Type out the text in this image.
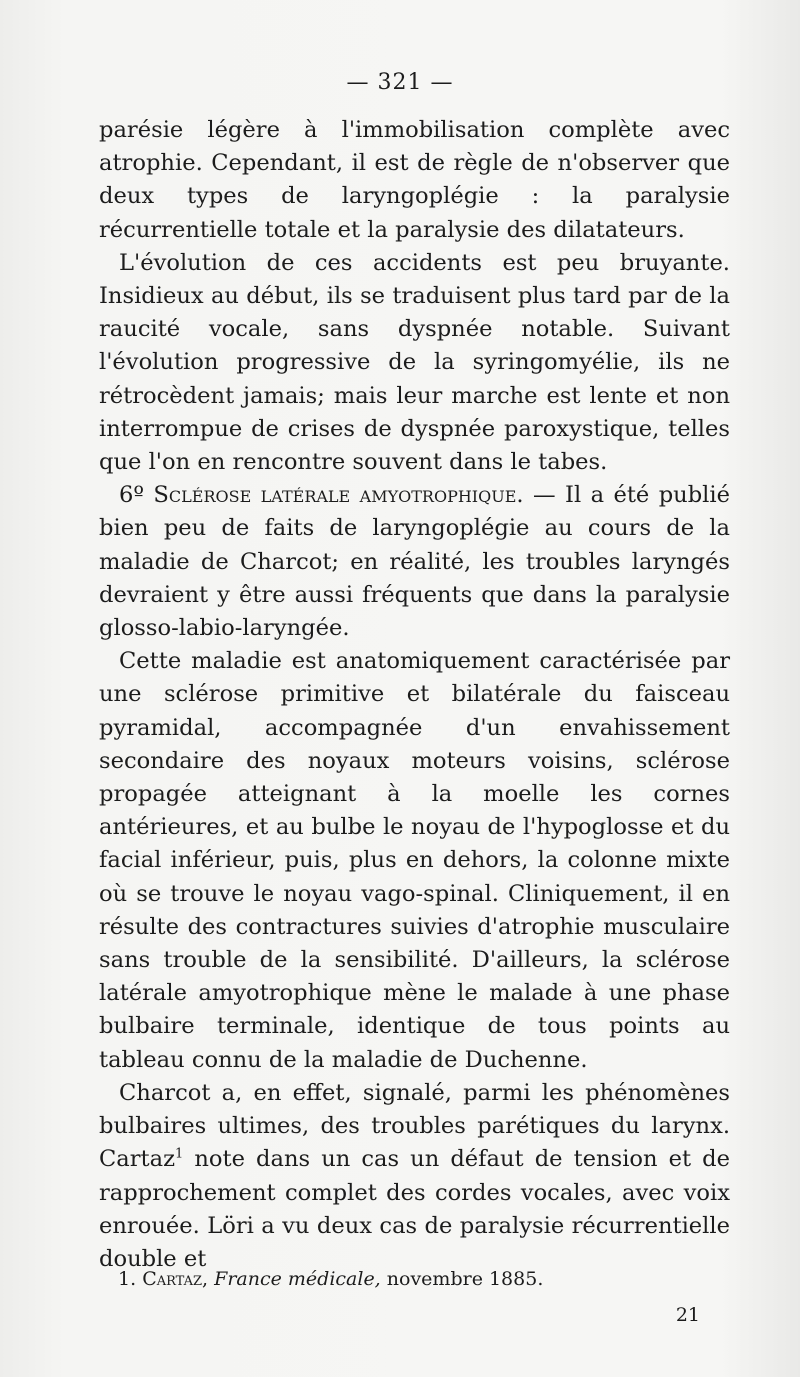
— 321 —

parésie légère à l'immobilisation complète avec atrophie. Cependant, il est de règle de n'observer que deux types de laryngoplégie : la paralysie récurrentielle totale et la paralysie des dilatateurs.

L'évolution de ces accidents est peu bruyante. Insidieux au début, ils se traduisent plus tard par de la raucité vocale, sans dyspnée notable. Suivant l'évolution progressive de la syringomyélie, ils ne rétrocèdent jamais; mais leur marche est lente et non interrompue de crises de dyspnée paroxystique, telles que l'on en rencontre souvent dans le tabes.

6º Sclérose latérale amyotrophique. — Il a été publié bien peu de faits de laryngoplégie au cours de la maladie de Charcot; en réalité, les troubles laryngés devraient y être aussi fréquents que dans la paralysie glosso-labio-laryngée.

Cette maladie est anatomiquement caractérisée par une sclérose primitive et bilatérale du faisceau pyramidal, accompagnée d'un envahissement secondaire des noyaux moteurs voisins, sclérose propagée atteignant à la moelle les cornes antérieures, et au bulbe le noyau de l'hypoglosse et du facial inférieur, puis, plus en dehors, la colonne mixte où se trouve le noyau vago-spinal. Cliniquement, il en résulte des contractures suivies d'atrophie musculaire sans trouble de la sensibilité. D'ailleurs, la sclérose latérale amyotrophique mène le malade à une phase bulbaire terminale, identique de tous points au tableau connu de la maladie de Duchenne.

Charcot a, en effet, signalé, parmi les phénomènes bulbaires ultimes, des troubles parétiques du larynx. Cartaz$^1$ note dans un cas un défaut de tension et de rapprochement complet des cordes vocales, avec voix enrouée. Löri a vu deux cas de paralysie récurrentielle double et

1. Cartaz, France médicale, novembre 1885.
21
